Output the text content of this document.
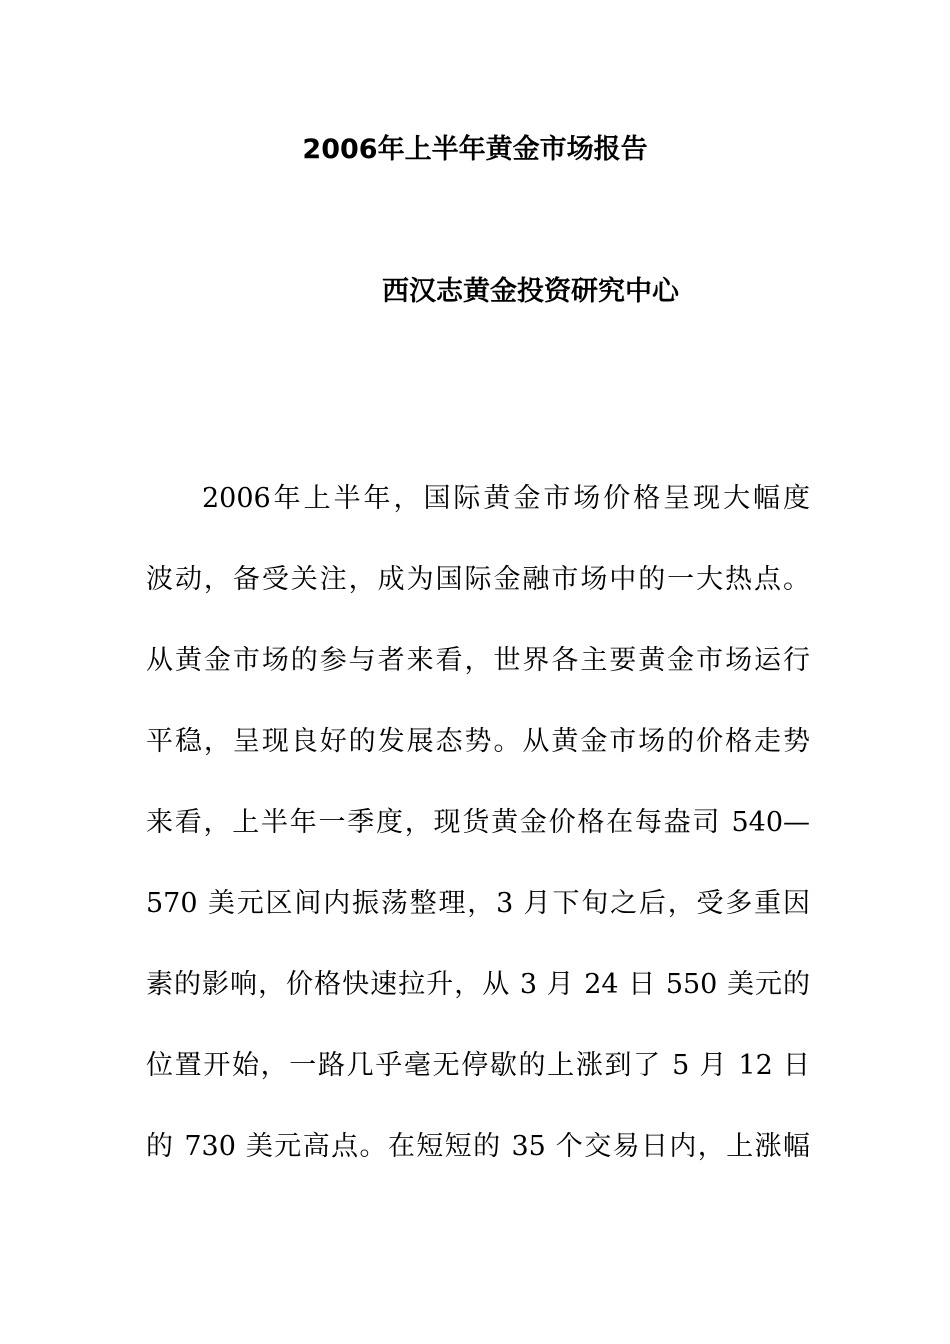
2006年上半年黄金市场报告
西汉志黄金投资研究中心
2006年上半年，国际黄金市场价格呈现大幅度
波动，备受关注，成为国际金融市场中的一大热点。
从黄金市场的参与者来看，世界各主要黄金市场运行
平稳，呈现良好的发展态势。从黄金市场的价格走势
来看，上半年一季度，现货黄金价格在每盎司 540—
570 美元区间内振荡整理，3 月下旬之后，受多重因
素的影响，价格快速拉升，从 3 月 24 日 550 美元的
位置开始，一路几乎毫无停歇的上涨到了 5 月 12 日
的 730 美元高点。在短短的 35 个交易日内，上涨幅
